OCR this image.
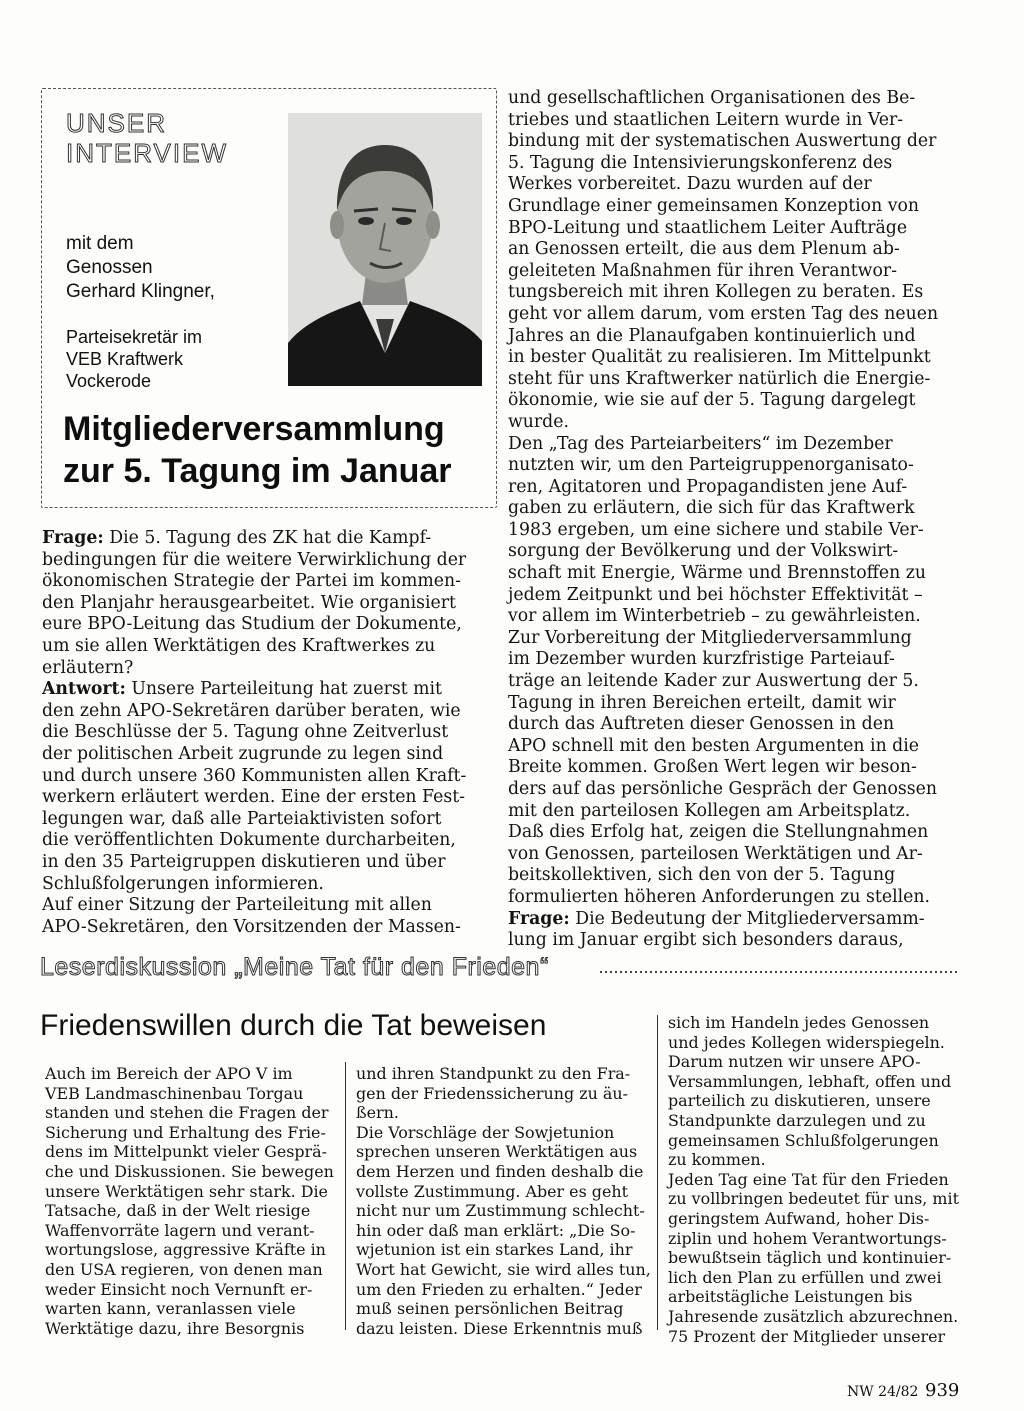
UNSER
INTERVIEW
mit dem
Genossen
Gerhard Klingner,
Parteisekretär im
VEB Kraftwerk
Vockerode
Mitgliederversammlung
zur 5. Tagung im Januar
Frage: Die 5. Tagung des ZK hat die Kampf-
bedingungen für die weitere Verwirklichung der
ökonomischen Strategie der Partei im kommen-
den Planjahr herausgearbeitet. Wie organisiert
eure BPO-Leitung das Studium der Dokumente,
um sie allen Werktätigen des Kraftwerkes zu
erläutern?
Antwort: Unsere Parteileitung hat zuerst mit
den zehn APO-Sekretären darüber beraten, wie
die Beschlüsse der 5. Tagung ohne Zeitverlust
der politischen Arbeit zugrunde zu legen sind
und durch unsere 360 Kommunisten allen Kraft-
werkern erläutert werden. Eine der ersten Fest-
legungen war, daß alle Parteiaktivisten sofort
die veröffentlichten Dokumente durcharbeiten,
in den 35 Parteigruppen diskutieren und über
Schlußfolgerungen informieren.
Auf einer Sitzung der Parteileitung mit allen
APO-Sekretären, den Vorsitzenden der Massen-
und gesellschaftlichen Organisationen des Be-
triebes und staatlichen Leitern wurde in Ver-
bindung mit der systematischen Auswertung der
5. Tagung die Intensivierungskonferenz des
Werkes vorbereitet. Dazu wurden auf der
Grundlage einer gemeinsamen Konzeption von
BPO-Leitung und staatlichem Leiter Aufträge
an Genossen erteilt, die aus dem Plenum ab-
geleiteten Maßnahmen für ihren Verantwor-
tungsbereich mit ihren Kollegen zu beraten. Es
geht vor allem darum, vom ersten Tag des neuen
Jahres an die Planaufgaben kontinuierlich und
in bester Qualität zu realisieren. Im Mittelpunkt
steht für uns Kraftwerker natürlich die Energie-
ökonomie, wie sie auf der 5. Tagung dargelegt
wurde.
Den „Tag des Parteiarbeiters“ im Dezember
nutzten wir, um den Parteigruppenorganisato-
ren, Agitatoren und Propagandisten jene Auf-
gaben zu erläutern, die sich für das Kraftwerk
1983 ergeben, um eine sichere und stabile Ver-
sorgung der Bevölkerung und der Volkswirt-
schaft mit Energie, Wärme und Brennstoffen zu
jedem Zeitpunkt und bei höchster Effektivität –
vor allem im Winterbetrieb – zu gewährleisten.
Zur Vorbereitung der Mitgliederversammlung
im Dezember wurden kurzfristige Parteiauf-
träge an leitende Kader zur Auswertung der 5.
Tagung in ihren Bereichen erteilt, damit wir
durch das Auftreten dieser Genossen in den
APO schnell mit den besten Argumenten in die
Breite kommen. Großen Wert legen wir beson-
ders auf das persönliche Gespräch der Genossen
mit den parteilosen Kollegen am Arbeitsplatz.
Daß dies Erfolg hat, zeigen die Stellungnahmen
von Genossen, parteilosen Werktätigen und Ar-
beitskollektiven, sich den von der 5. Tagung
formulierten höheren Anforderungen zu stellen.
Frage: Die Bedeutung der Mitgliederversamm-
lung im Januar ergibt sich besonders daraus,
Leserdiskussion „Meine Tat für den Frieden“
Friedenswillen durch die Tat beweisen
Auch im Bereich der APO V im
VEB Landmaschinenbau Torgau
standen und stehen die Fragen der
Sicherung und Erhaltung des Frie-
dens im Mittelpunkt vieler Gesprä-
che und Diskussionen. Sie bewegen
unsere Werktätigen sehr stark. Die
Tatsache, daß in der Welt riesige
Waffenvorräte lagern und verant-
wortungslose, aggressive Kräfte in
den USA regieren, von denen man
weder Einsicht noch Vernunft er-
warten kann, veranlassen viele
Werktätige dazu, ihre Besorgnis
und ihren Standpunkt zu den Fra-
gen der Friedenssicherung zu äu-
ßern.
Die Vorschläge der Sowjetunion
sprechen unseren Werktätigen aus
dem Herzen und finden deshalb die
vollste Zustimmung. Aber es geht
nicht nur um Zustimmung schlecht-
hin oder daß man erklärt: „Die So-
wjetunion ist ein starkes Land, ihr
Wort hat Gewicht, sie wird alles tun,
um den Frieden zu erhalten.“ Jeder
muß seinen persönlichen Beitrag
dazu leisten. Diese Erkenntnis muß
sich im Handeln jedes Genossen
und jedes Kollegen widerspiegeln.
Darum nutzen wir unsere APO-
Versammlungen, lebhaft, offen und
parteilich zu diskutieren, unsere
Standpunkte darzulegen und zu
gemeinsamen Schlußfolgerungen
zu kommen.
Jeden Tag eine Tat für den Frieden
zu vollbringen bedeutet für uns, mit
geringstem Aufwand, hoher Dis-
ziplin und hohem Verantwortungs-
bewußtsein täglich und kontinuier-
lich den Plan zu erfüllen und zwei
arbeitstägliche Leistungen bis
Jahresende zusätzlich abzurechnen.
75 Prozent der Mitglieder unserer
NW 24/82 939
